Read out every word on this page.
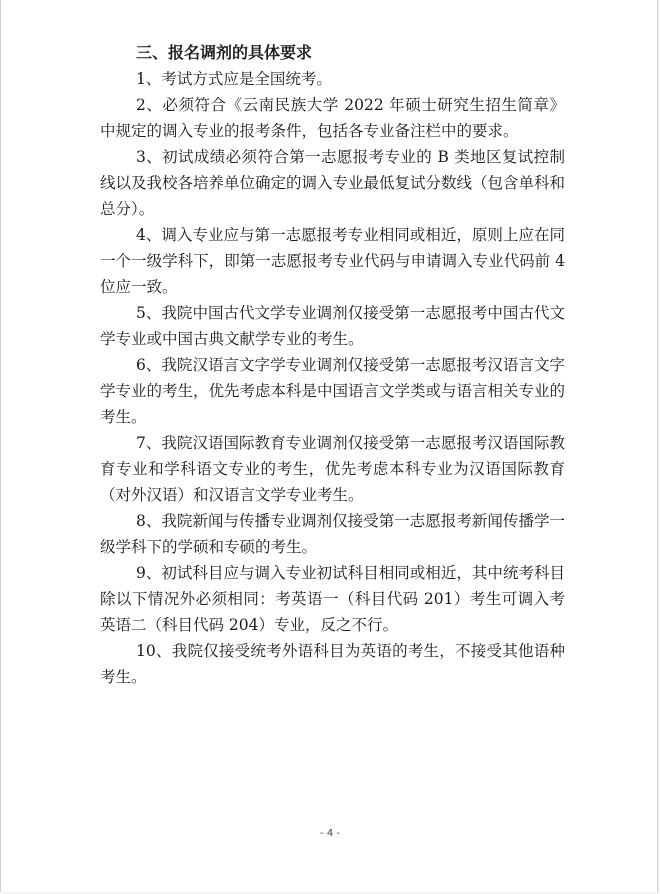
三、报名调剂的具体要求

1、考试方式应是全国统考。

2、必须符合《云南民族大学 2022 年硕士研究生招生简章》中规定的调入专业的报考条件，包括各专业备注栏中的要求。

3、初试成绩必须符合第一志愿报考专业的 B 类地区复试控制线以及我校各培养单位确定的调入专业最低复试分数线（包含单科和总分）。

4、调入专业应与第一志愿报考专业相同或相近，原则上应在同一个一级学科下，即第一志愿报考专业代码与申请调入专业代码前 4 位应一致。

5、我院中国古代文学专业调剂仅接受第一志愿报考中国古代文学专业或中国古典文献学专业的考生。

6、我院汉语言文字学专业调剂仅接受第一志愿报考汉语言文字学专业的考生，优先考虑本科是中国语言文学类或与语言相关专业的考生。

7、我院汉语国际教育专业调剂仅接受第一志愿报考汉语国际教育专业和学科语文专业的考生，优先考虑本科专业为汉语国际教育（对外汉语）和汉语言文学专业考生。

8、我院新闻与传播专业调剂仅接受第一志愿报考新闻传播学一级学科下的学硕和专硕的考生。

9、初试科目应与调入专业初试科目相同或相近，其中统考科目除以下情况外必须相同：考英语一（科目代码 201）考生可调入考英语二（科目代码 204）专业，反之不行。

10、我院仅接受统考外语科目为英语的考生，不接受其他语种考生。

- 4 -
